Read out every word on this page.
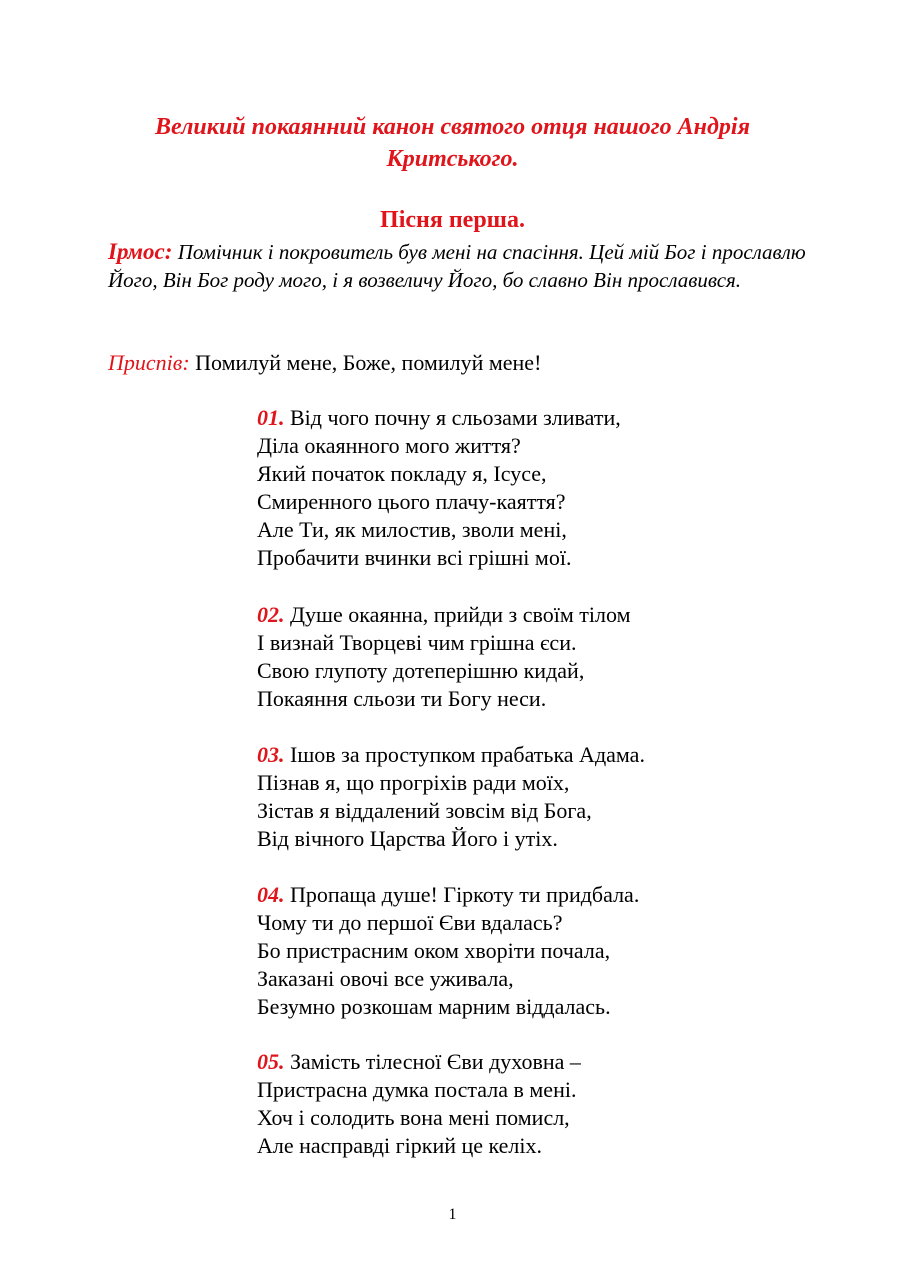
Великий покаянний канон святого отця нашого Андрія Критського.
Пісня перша.
Ірмос: Помічник і покровитель був мені на спасіння. Цей мій Бог і прославлю Його, Він Бог роду мого, і я возвеличу Його, бо славно Він прославився.
Приспів: Помилуй мене, Боже, помилуй мене!
01. Від чого почну я сльозами зливати,
Діла окаянного мого життя?
Який початок покладу я, Ісусе,
Смиренного цього плачу-каяття?
Але Ти, як милостив, зволи мені,
Пробачити вчинки всі грішні мої.
02. Душе окаянна, прийди з своїм тілом
І визнай Творцеві чим грішна єси.
Свою глупоту дотеперішню кидай,
Покаяння сльози ти Богу неси.
03. Ішов за проступком прабатька Адама.
Пізнав я, що прогріхів ради моїх,
Зістав я віддалений зовсім від Бога,
Від вічного Царства Його і утіх.
04. Пропаща душе! Гіркоту ти придбала.
Чому ти до першої Єви вдалась?
Бо пристрасним оком хворіти почала,
Заказані овочі все уживала,
Безумно розкошам марним віддалась.
05. Замість тілесної Єви духовна –
Пристрасна думка постала в мені.
Хоч і солодить вона мені помисл,
Але насправді гіркий це келіх.
1
